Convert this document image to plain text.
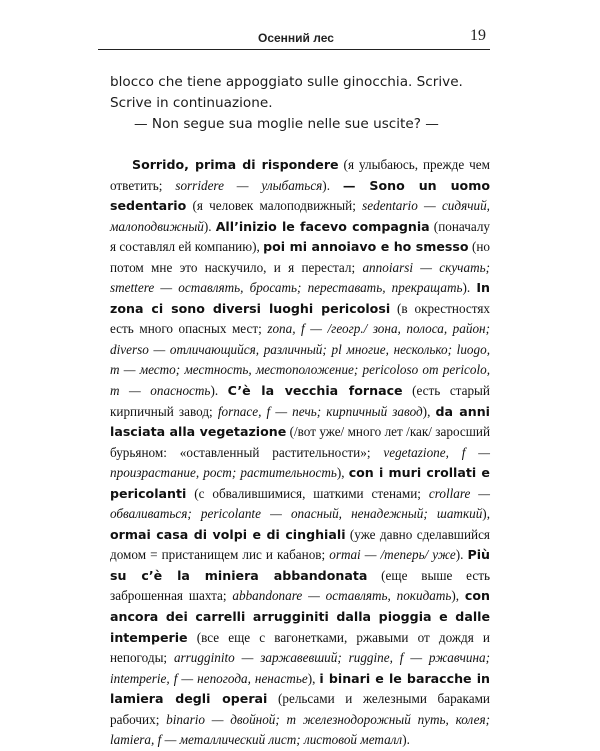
Осенний лес	19

blocco che tiene appoggiato sulle ginocchia. Scrive. Scrive in continuazione.

— Non segue sua moglie nelle sue uscite? —

Sorrido, prima di rispondere (я улыбаюсь, прежде чем ответить; sorridere — улыбаться). — Sono un uomo sedentario (я человек малоподвижный; sedentario — сидячий, малоподвижный). All’inizio le facevo compagnia (поначалу я составлял ей компанию), poi mi annoiavo e ho smesso (но потом мне это наскучило, и я перестал; annoiarsi — скучать; smettere — оставлять, бросать; переставать, прекращать). In zona ci sono diversi luoghi pericolosi (в окрестностях есть много опасных мест; zona, f — /геогр./ зона, полоса, район; diverso — отличающийся, различный; pl многие, несколько; luogo, m — место; местность, местоположение; pericoloso от pericolo, m — опасность). C’è la vecchia fornace (есть старый кирпичный завод; fornace, f — печь; кирпичный завод), da anni lasciata alla vegetazione (/вот уже/ много лет /как/ заросший бурьяном: «оставленный растительности»; vegetazione, f — произрастание, рост; растительность), con i muri crollati e pericolanti (с обвалившимися, шаткими стенами; crollare — обваливаться; pericolante — опасный, ненадежный; шаткий), ormai casa di volpi e di cinghiali (уже давно сделавшийся домом = пристанищем лис и кабанов; ormai — /теперь/ уже). Più su c’è la miniera abbandonata (еще выше есть заброшенная шахта; abbandonare — оставлять, покидать), con ancora dei carrelli arrugginiti dalla pioggia e dalle intemperie (все еще с вагонетками, ржавыми от дождя и непогоды; arrugginito — заржавевший; ruggine, f — ржавчина; intemperie, f — непогода, ненастье), i binari e le baracche in lamiera degli operai (рельсами и железными бараками рабочих; binario — двойной; m железнодорожный путь, колея; lamiera, f — металлический лист; листовой металл).
